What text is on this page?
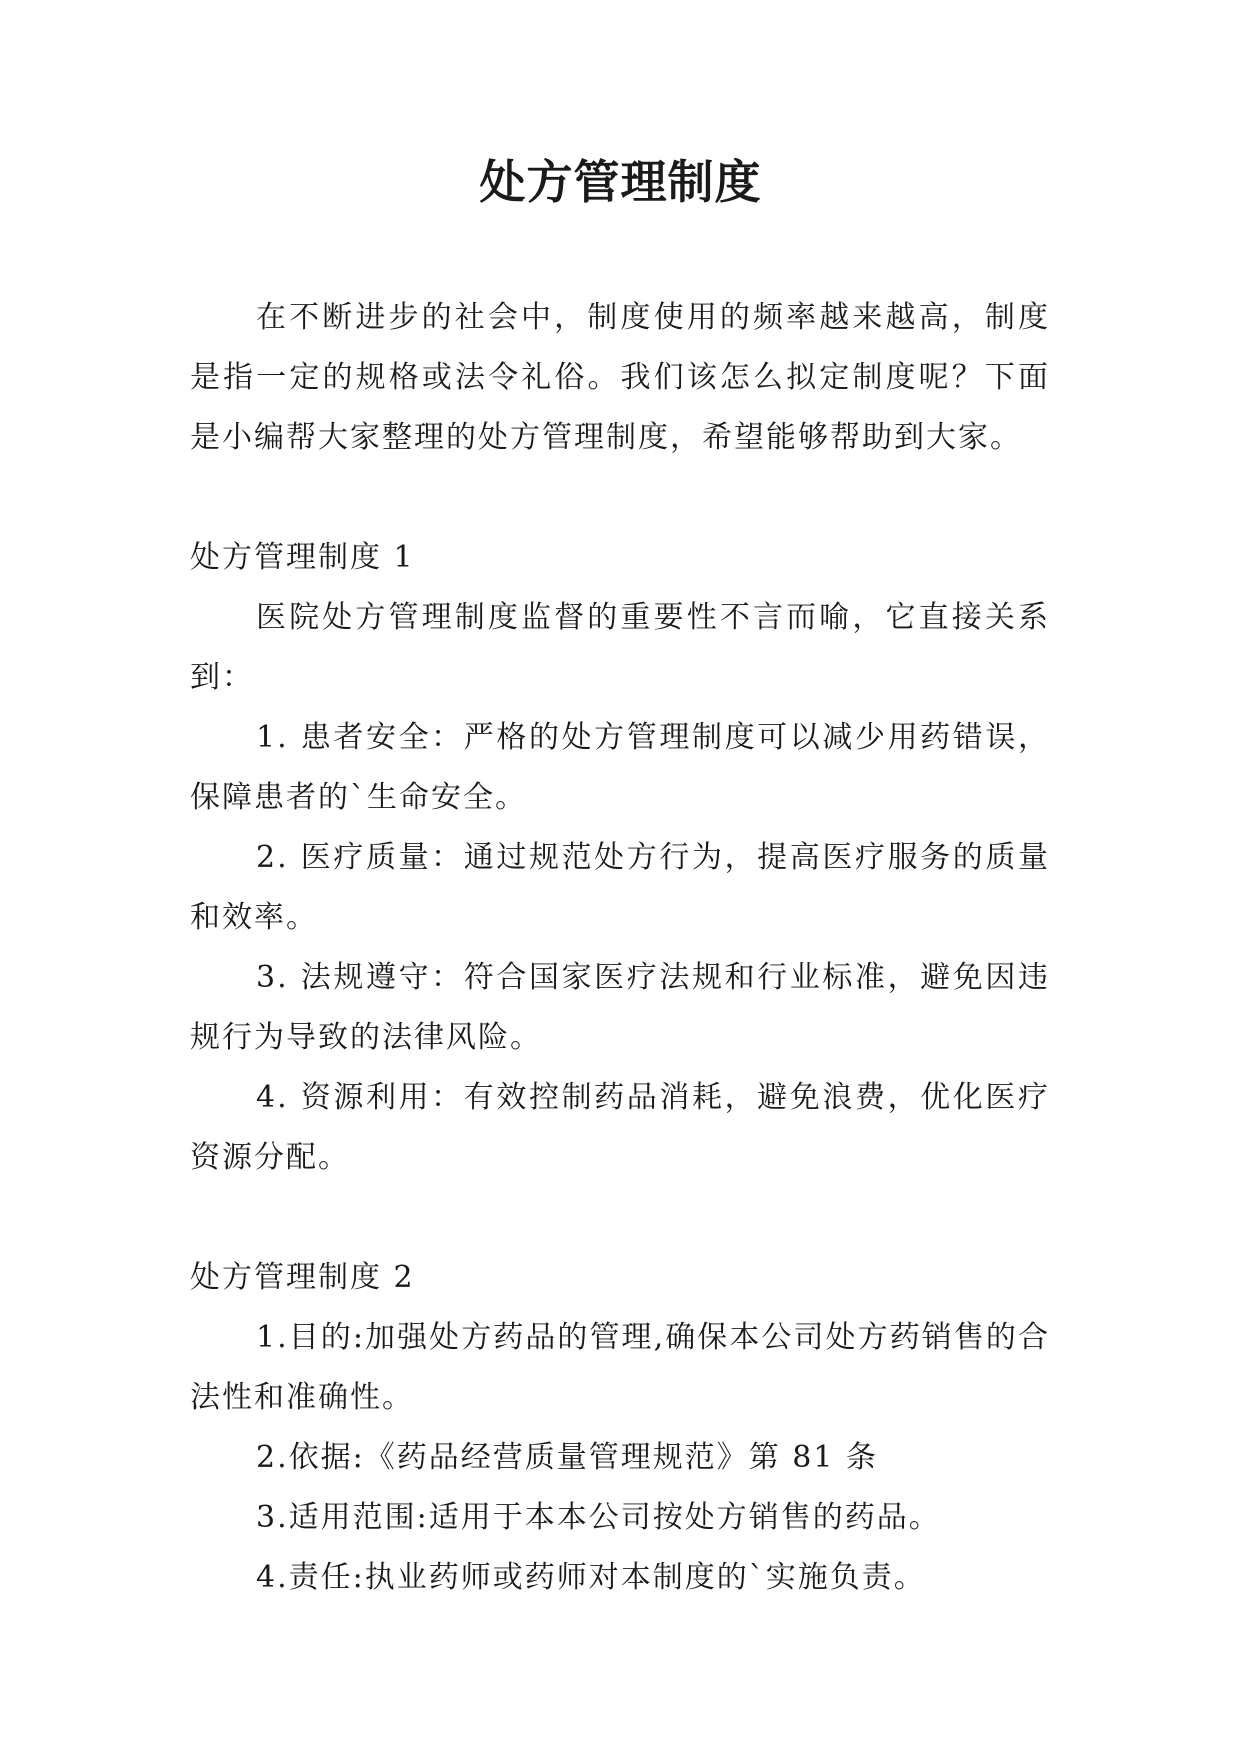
处方管理制度

在不断进步的社会中，制度使用的频率越来越高，制度是指一定的规格或法令礼俗。我们该怎么拟定制度呢？下面是小编帮大家整理的处方管理制度，希望能够帮助到大家。

处方管理制度 1

医院处方管理制度监督的重要性不言而喻，它直接关系到：

1. 患者安全：严格的处方管理制度可以减少用药错误，保障患者的`生命安全。

2. 医疗质量：通过规范处方行为，提高医疗服务的质量和效率。

3. 法规遵守：符合国家医疗法规和行业标准，避免因违规行为导致的法律风险。

4. 资源利用：有效控制药品消耗，避免浪费，优化医疗资源分配。

处方管理制度 2

1.目的:加强处方药品的管理,确保本公司处方药销售的合法性和准确性。

2.依据:《药品经营质量管理规范》第 81 条

3.适用范围:适用于本本公司按处方销售的药品。

4.责任:执业药师或药师对本制度的`实施负责。
